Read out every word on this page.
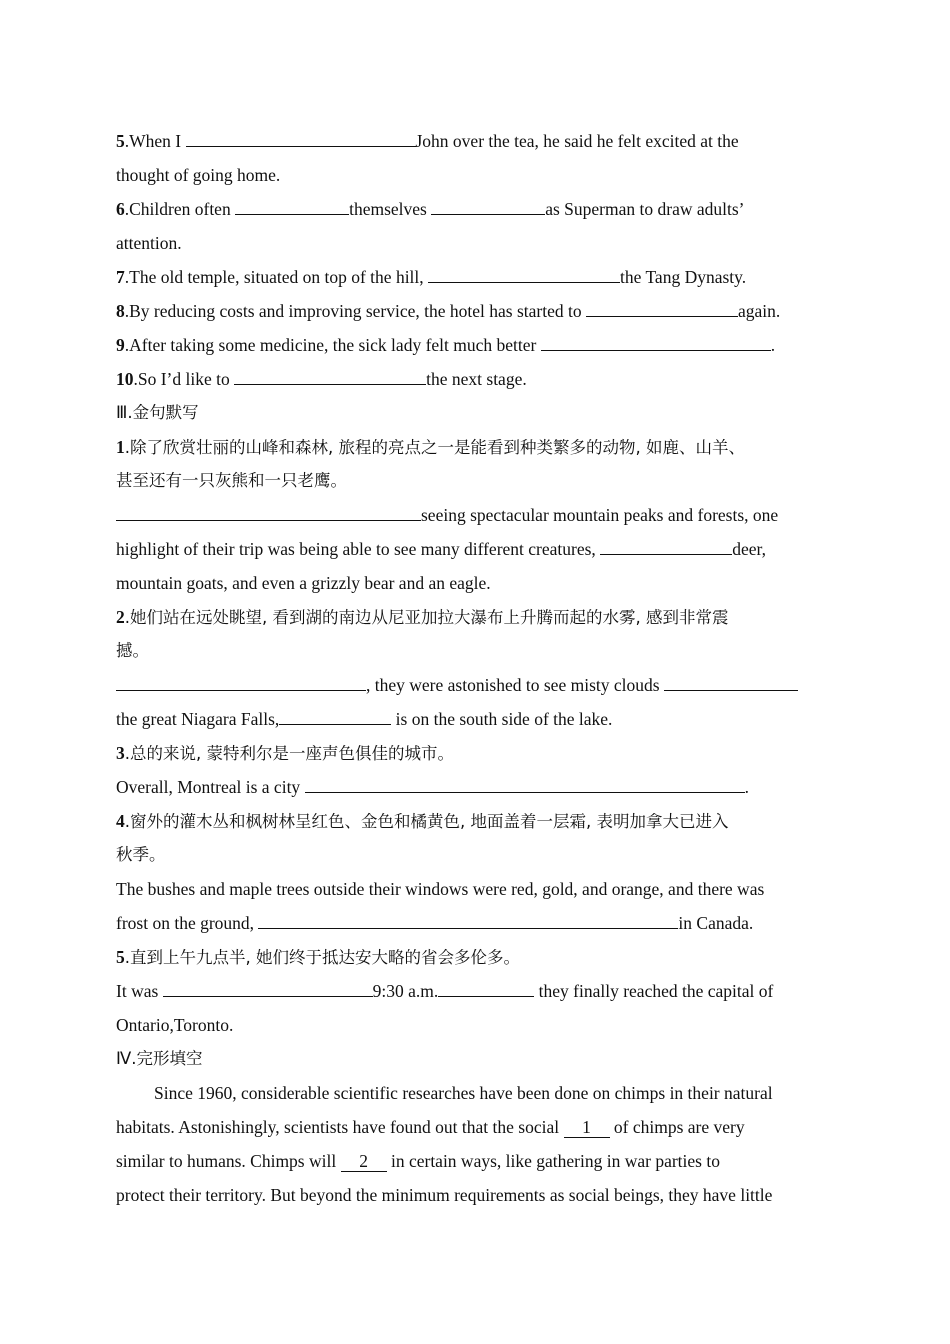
5.When I	John over the tea, he said he felt excited at the
thought of going home.
6.Children often	themselves	as Superman to draw adults’
attention.
7.The old temple, situated on top of the hill,	the Tang Dynasty.
8.By reducing costs and improving service, the hotel has started to	again.
9.After taking some medicine, the sick lady felt much better	.
10.So I’d like to	the next stage.
Ⅲ.金句默写
1.除了欣赏壮丽的山峰和森林, 旅程的亮点之一是能看到种类繁多的动物, 如鹿、山羊、
甚至还有一只灰熊和一只老鹰。
seeing spectacular mountain peaks and forests, one
highlight of their trip was being able to see many different creatures,	deer,
mountain goats, and even a grizzly bear and an eagle.
2.她们站在远处眺望, 看到湖的南边从尼亚加拉大瀑布上升腾而起的水雾, 感到非常震
撼。
, they were astonished to see misty clouds
the great Niagara Falls,	is on the south side of the lake.
3.总的来说, 蒙特利尔是一座声色俱佳的城市。
Overall, Montreal is a city	.
4.窗外的灌木丛和枫树林呈红色、金色和橘黄色, 地面盖着一层霜, 表明加拿大已进入
秋季。
The bushes and maple trees outside their windows were red, gold, and orange, and there was
frost on the ground,	in Canada.
5.直到上午九点半, 她们终于抵达安大略的省会多伦多。
It was	9:30 a.m.	they finally reached the capital of
Ontario,Toronto.
Ⅳ.完形填空
Since 1960, considerable scientific researches have been done on chimps in their natural
habitats. Astonishingly, scientists have found out that the social 1 of chimps are very
similar to humans. Chimps will 2 in certain ways, like gathering in war parties to
protect their territory. But beyond the minimum requirements as social beings, they have little
